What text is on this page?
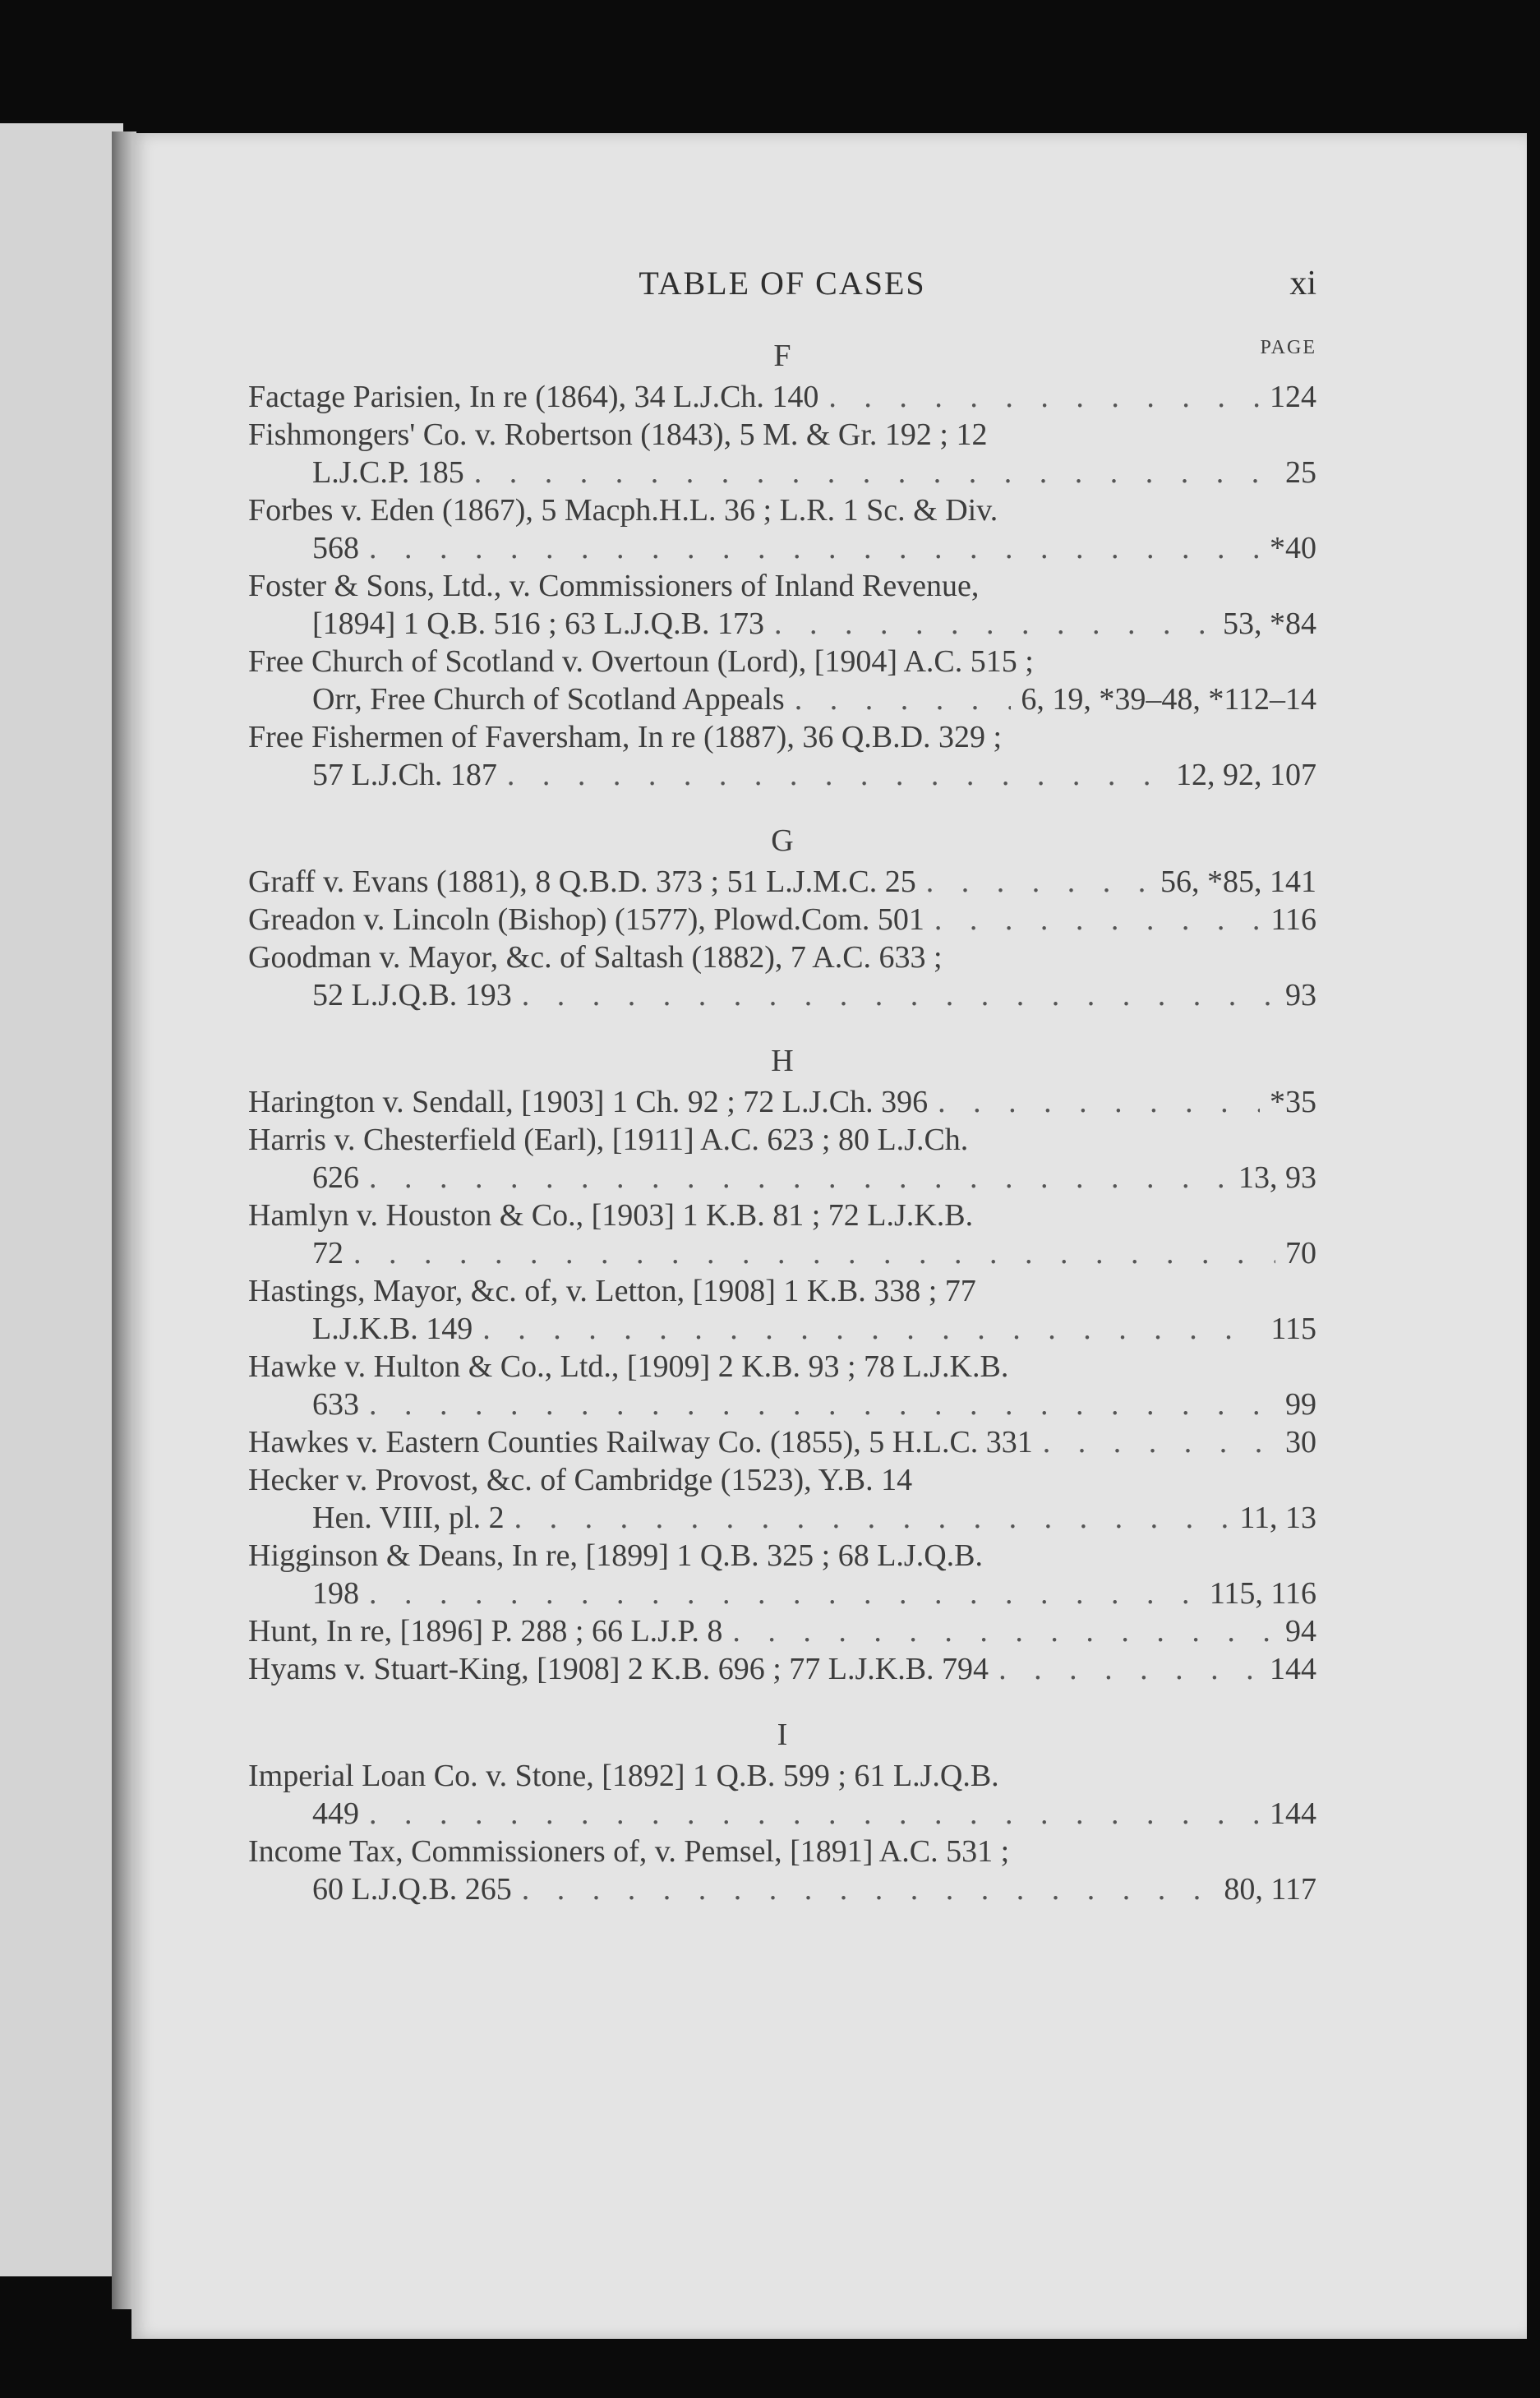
TABLE OF CASES	xi
PAGE
F
Factage Parisien, In re (1864), 34 L.J.Ch. 140 . . .	124
Fishmongers' Co. v. Robertson (1843), 5 M. & Gr. 192 ; 12
L.J.C.P. 185 . . .	25
Forbes v. Eden (1867), 5 Macph.H.L. 36 ; L.R. 1 Sc. & Div.
568 . . .	*40
Foster & Sons, Ltd., v. Commissioners of Inland Revenue,
[1894] 1 Q.B. 516 ; 63 L.J.Q.B. 173 . . .	53, *84
Free Church of Scotland v. Overtoun (Lord), [1904] A.C. 515 ;
Orr, Free Church of Scotland Appeals . . .	6, 19, *39–48, *112–14
Free Fishermen of Faversham, In re (1887), 36 Q.B.D. 329 ;
57 L.J.Ch. 187 . . .	12, 92, 107
G
Graff v. Evans (1881), 8 Q.B.D. 373 ; 51 L.J.M.C. 25 . . .	56, *85, 141
Greadon v. Lincoln (Bishop) (1577), Plowd.Com. 501 . . .	116
Goodman v. Mayor, &c. of Saltash (1882), 7 A.C. 633 ;
52 L.J.Q.B. 193 . . .	93
H
Harington v. Sendall, [1903] 1 Ch. 92 ; 72 L.J.Ch. 396 . . .	*35
Harris v. Chesterfield (Earl), [1911] A.C. 623 ; 80 L.J.Ch.
626 . . .	13, 93
Hamlyn v. Houston & Co., [1903] 1 K.B. 81 ; 72 L.J.K.B.
72 . . .	70
Hastings, Mayor, &c. of, v. Letton, [1908] 1 K.B. 338 ; 77
L.J.K.B. 149 . . .	115
Hawke v. Hulton & Co., Ltd., [1909] 2 K.B. 93 ; 78 L.J.K.B.
633 . . .	99
Hawkes v. Eastern Counties Railway Co. (1855), 5 H.L.C. 331 . . .	30
Hecker v. Provost, &c. of Cambridge (1523), Y.B. 14
Hen. VIII, pl. 2 . . .	11, 13
Higginson & Deans, In re, [1899] 1 Q.B. 325 ; 68 L.J.Q.B.
198 . . .	115, 116
Hunt, In re, [1896] P. 288 ; 66 L.J.P. 8 . . .	94
Hyams v. Stuart-King, [1908] 2 K.B. 696 ; 77 L.J.K.B. 794 . . .	144
I
Imperial Loan Co. v. Stone, [1892] 1 Q.B. 599 ; 61 L.J.Q.B.
449 . . .	144
Income Tax, Commissioners of, v. Pemsel, [1891] A.C. 531 ;
60 L.J.Q.B. 265 . . .	80, 117
